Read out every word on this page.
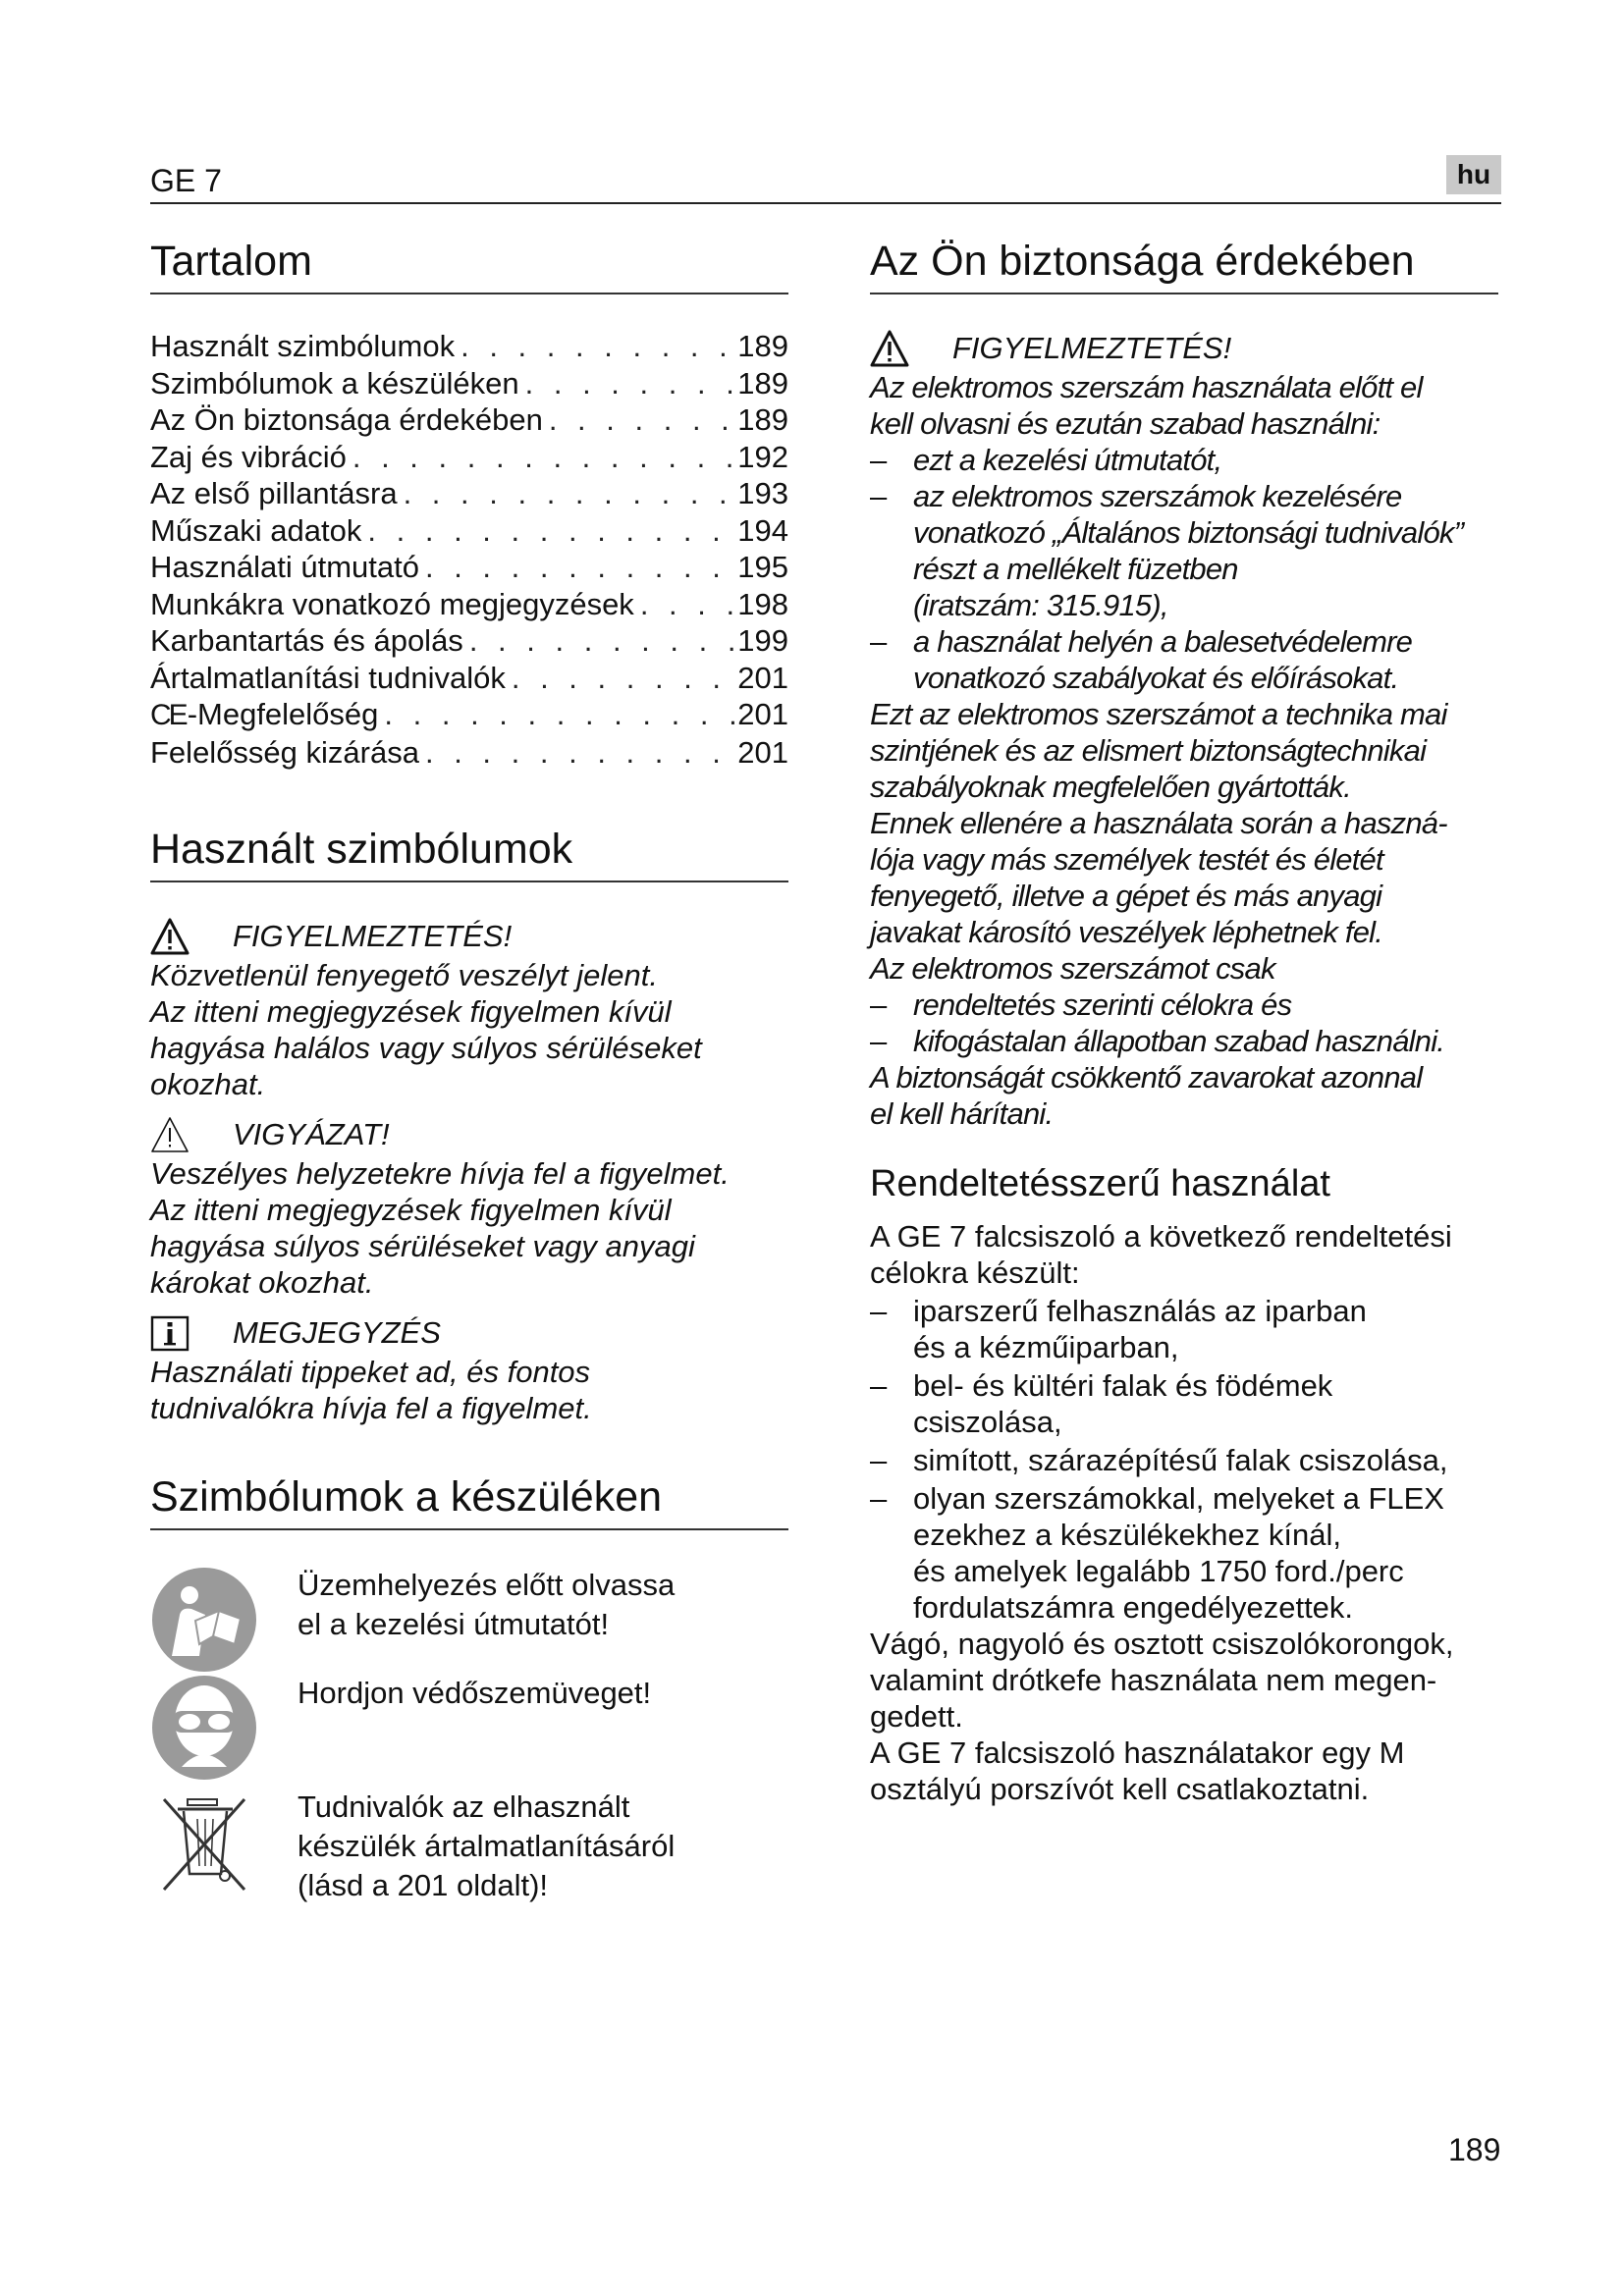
GE 7	hu
Tartalom
Használt szimbólumok . . .	189
Szimbólumok a készüléken . . .	189
Az Ön biztonsága érdekében . . .	189
Zaj és vibráció . . .	192
Az első pillantásra . . .	193
Műszaki adatok . . .	194
Használati útmutató . . .	195
Munkákra vonatkozó megjegyzések . . .	198
Karbantartás és ápolás . . .	199
Ártalmatlanítási tudnivalók . . .	201
CE -Megfelelőség . . .	201
Felelősség kizárása . . .	201
Használt szimbólumok
FIGYELMEZTETÉS!
Közvetlenül fenyegető veszélyt jelent.
Az itteni megjegyzések figyelmen kívül
hagyása halálos vagy súlyos sérüléseket
okozhat.
VIGYÁZAT!
Veszélyes helyzetekre hívja fel a figyelmet.
Az itteni megjegyzések figyelmen kívül
hagyása súlyos sérüléseket vagy anyagi
károkat okozhat.
MEGJEGYZÉS
Használati tippeket ad, és fontos
tudnivalókra hívja fel a figyelmet.
Szimbólumok a készüléken
Üzemhelyezés előtt olvassa
el a kezelési útmutatót!
Hordjon védőszemüveget!
Tudnivalók az elhasznált
készülék ártalmatlanításáról
(lásd a 201 oldalt)!
Az Ön biztonsága érdekében
FIGYELMEZTETÉS!
Az elektromos szerszám használata előtt el
kell olvasni és ezután szabad használni:
– ezt a kezelési útmutatót,
– az elektromos szerszámok kezelésére
vonatkozó „Általános biztonsági tudnivalók”
részt a mellékelt füzetben
(iratszám: 315.915),
– a használat helyén a balesetvédelemre
vonatkozó szabályokat és előírásokat.
Ezt az elektromos szerszámot a technika mai
szintjének és az elismert biztonságtechnikai
szabályoknak megfelelően gyártották.
Ennek ellenére a használata során a haszná-
lója vagy más személyek testét és életét
fenyegető, illetve a gépet és más anyagi
javakat károsító veszélyek léphetnek fel.
Az elektromos szerszámot csak
– rendeltetés szerinti célokra és
– kifogástalan állapotban szabad használni.
A biztonságát csökkentő zavarokat azonnal
el kell hárítani.
Rendeltetésszerű használat
A GE 7 falcsiszoló a következő rendeltetési
célokra készült:
– iparszerű felhasználás az iparban
és a kézműiparban,
– bel- és kültéri falak és födémek
csiszolása,
– simított, szárazépítésű falak csiszolása,
– olyan szerszámokkal, melyeket a FLEX
ezekhez a készülékekhez kínál,
és amelyek legalább 1750 ford./perc
fordulatszámra engedélyezettek.
Vágó, nagyoló és osztott csiszolókorongok,
valamint drótkefe használata nem megen-
gedett.
A GE 7 falcsiszoló használatakor egy M
osztályú porszívót kell csatlakoztatni.
189
